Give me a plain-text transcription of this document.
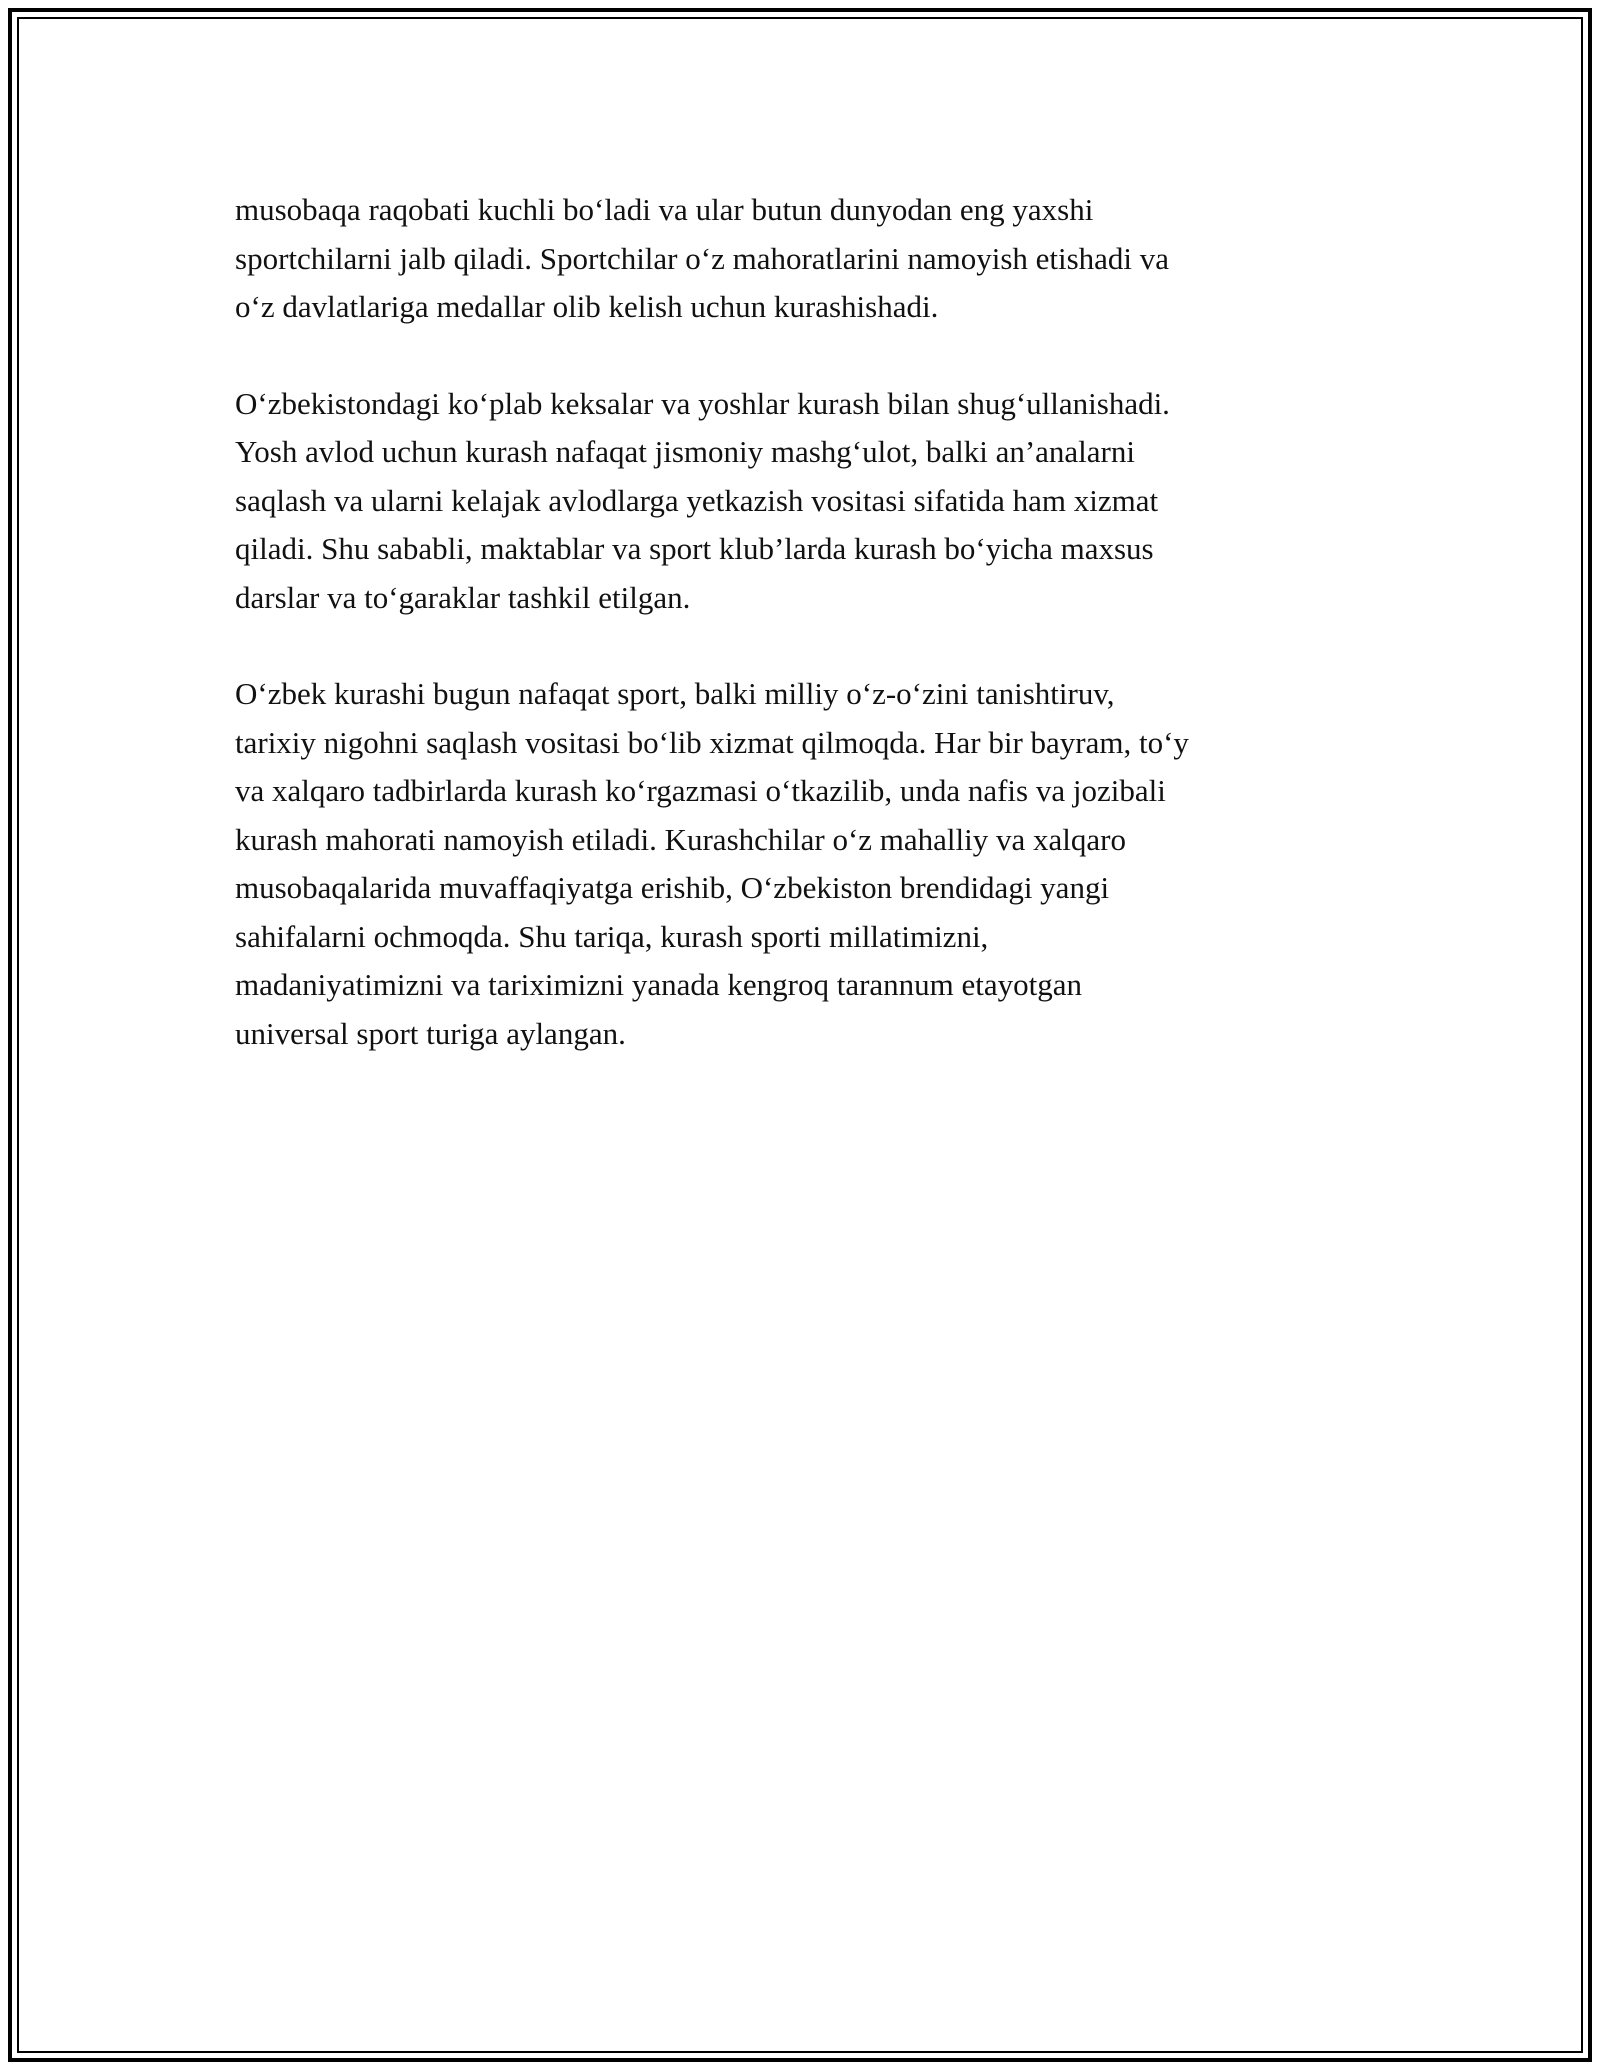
musobaqa raqobati kuchli bo‘ladi va ular butun dunyodan eng yaxshi
sportchilarni jalb qiladi. Sportchilar o‘z mahoratlarini namoyish etishadi va
o‘z davlatlariga medallar olib kelish uchun kurashishadi.

O‘zbekistondagi ko‘plab keksalar va yoshlar kurash bilan shug‘ullanishadi.
Yosh avlod uchun kurash nafaqat jismoniy mashg‘ulot, balki an’analarni
saqlash va ularni kelajak avlodlarga yetkazish vositasi sifatida ham xizmat
qiladi. Shu sababli, maktablar va sport klub’larda kurash bo‘yicha maxsus
darslar va to‘garaklar tashkil etilgan.

O‘zbek kurashi bugun nafaqat sport, balki milliy o‘z-o‘zini tanishtiruv,
tarixiy nigohni saqlash vositasi bo‘lib xizmat qilmoqda. Har bir bayram, to‘y
va xalqaro tadbirlarda kurash ko‘rgazmasi o‘tkazilib, unda nafis va jozibali
kurash mahorati namoyish etiladi. Kurashchilar o‘z mahalliy va xalqaro
musobaqalarida muvaffaqiyatga erishib, O‘zbekiston brendidagi yangi
sahifalarni ochmoqda. Shu tariqa, kurash sporti millatimizni,
madaniyatimizni va tariximizni yanada kengroq tarannum etayotgan
universal sport turiga aylangan.
